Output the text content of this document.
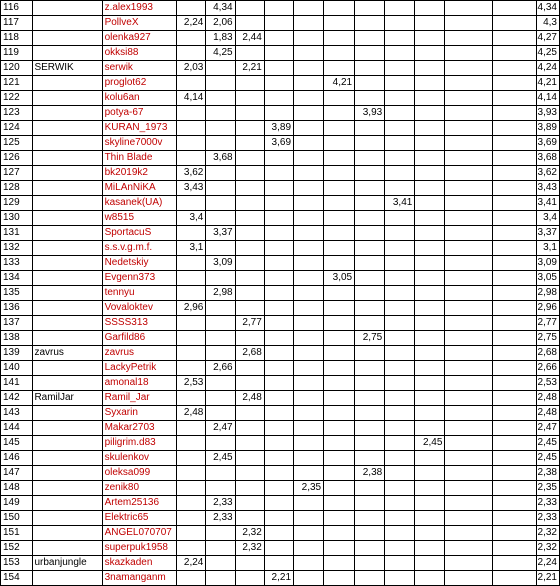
116		z.alex1993		4,34										4,34
117		PollveX	2,24	2,06										4,3
118		olenka927		1,83	2,44									4,27
119		okksi88		4,25										4,25
120	SERWIK	serwik	2,03		2,21									4,24
121		proglot62						4,21						4,21
122		kolu6an	4,14											4,14
123		potya-67							3,93					3,93
124		KURAN_1973				3,89								3,89
125		skyline7000v				3,69								3,69
126		Thin Blade		3,68										3,68
127		bk2019k2	3,62											3,62
128		MiLAnNiKA	3,43											3,43
129		kasanek(UA)								3,41				3,41
130		w8515	3,4											3,4
131		SportacuS		3,37										3,37
132		s.s.v.g.m.f.	3,1											3,1
133		Nedetskiy		3,09										3,09
134		Evgenn373						3,05						3,05
135		tennyu		2,98										2,98
136		Vovaloktev	2,96											2,96
137		SSSS313			2,77									2,77
138		Garfild86							2,75					2,75
139	zavrus	zavrus			2,68									2,68
140		LackyPetrik		2,66										2,66
141		amonal18	2,53											2,53
142	RamilJar	Ramil_Jar			2,48									2,48
143		Syxarin	2,48											2,48
144		Makar2703		2,47										2,47
145		piligrim.d83									2,45			2,45
146		skulenkov		2,45										2,45
147		oleksa099							2,38					2,38
148		zenik80					2,35							2,35
149		Artem25136		2,33										2,33
150		Elektric65		2,33										2,33
151		ANGEL070707			2,32									2,32
152		superpuk1958			2,32									2,32
153	urbanjungle	skazkaden	2,24											2,24
154		3namanganm				2,21								2,21
